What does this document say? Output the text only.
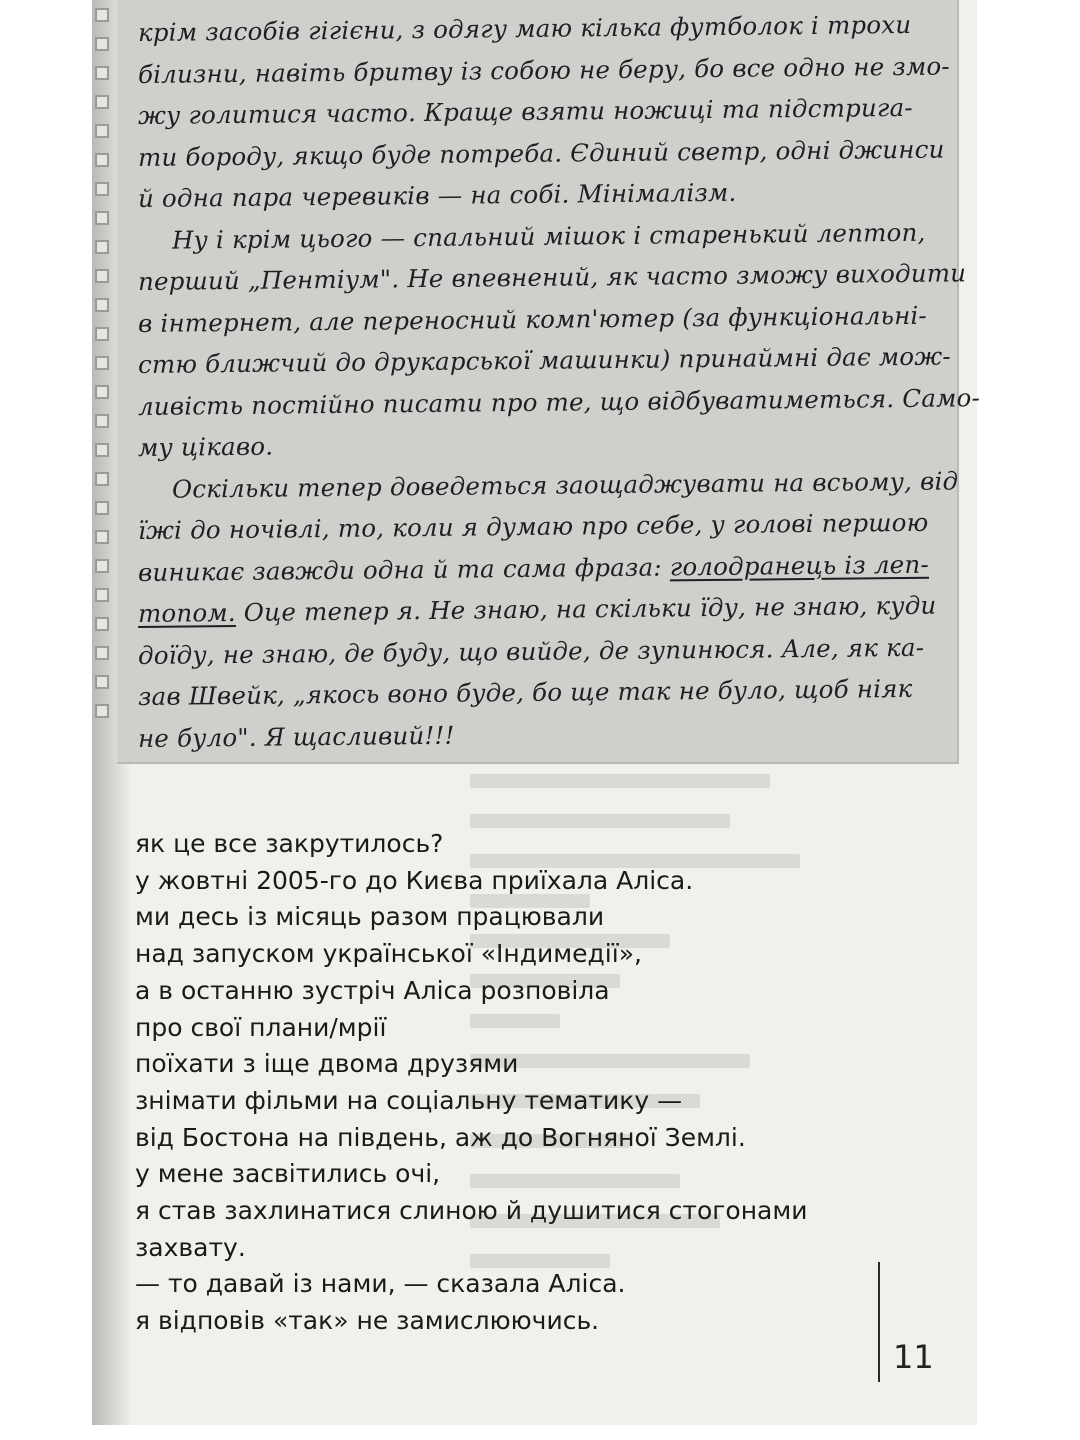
крім засобів гігієни, з одягу маю кілька футболок і трохи
білизни, навіть бритву із собою не беру, бо все одно не змо-
жу голитися часто. Краще взяти ножиці та підстрига-
ти бороду, якщо буде потреба. Єдиний светр, одні джинси
й одна пара черевиків — на собі. Мінімалізм.
Ну і крім цього — спальний мішок і старенький лептоп,
перший „Пентіум". Не впевнений, як часто зможу виходити
в інтернет, але переносний комп'ютер (за функціональні-
стю ближчий до друкарської машинки) принаймні дає мож-
ливість постійно писати про те, що відбуватиметься. Само-
му цікаво.
Оскільки тепер доведеться заощаджувати на всьому, від
їжі до ночівлі, то, коли я думаю про себе, у голові першою
виникає завжди одна й та сама фраза: голодранець із леп-
топом. Оце тепер я. Не знаю, на скільки їду, не знаю, куди
доїду, не знаю, де буду, що вийде, де зупинюся. Але, як ка-
зав Швейк, „якось воно буде, бо ще так не було, щоб ніяк
не було". Я щасливий!!!
як це все закрутилось?
у жовтні 2005-го до Києва приїхала Аліса.
ми десь із місяць разом працювали
над запуском української «Індимедії»,
а в останню зустріч Аліса розповіла
про свої плани/мрії
поїхати з іще двома друзями
знімати фільми на соціальну тематику —
від Бостона на південь, аж до Вогняної Землі.
у мене засвітились очі,
я став захлинатися слиною й душитися стогонами
захвату.
— то давай із нами, — сказала Аліса.
я відповів «так» не замислюючись.
11
